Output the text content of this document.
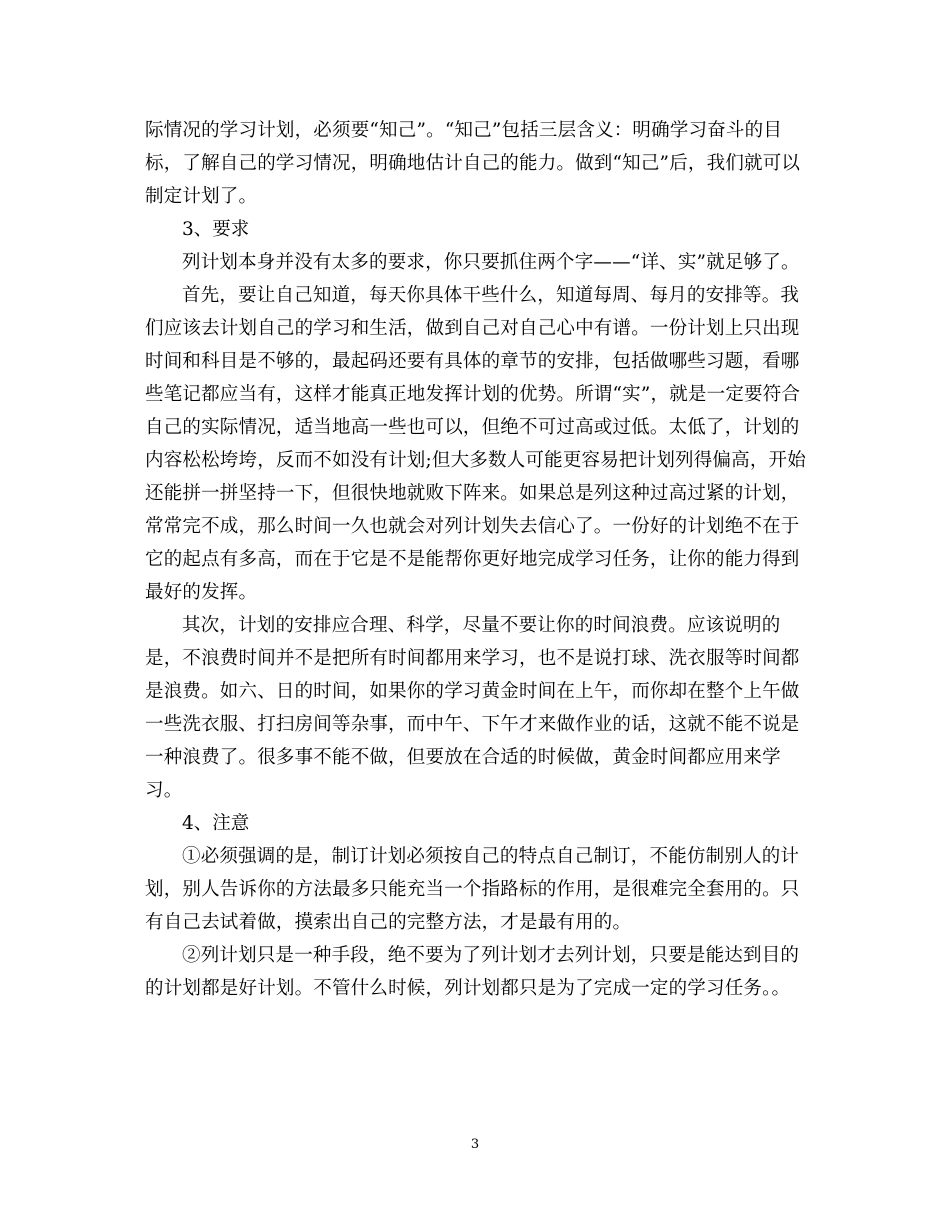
际情况的学习计划，必须要“知己”。“知己”包括三层含义：明确学习奋斗的目标，了解自己的学习情况，明确地估计自己的能力。做到“知己”后，我们就可以制定计划了。

3、要求

列计划本身并没有太多的要求，你只要抓住两个字——“详、实”就足够了。

首先，要让自己知道，每天你具体干些什么，知道每周、每月的安排等。我们应该去计划自己的学习和生活，做到自己对自己心中有谱。一份计划上只出现时间和科目是不够的，最起码还要有具体的章节的安排，包括做哪些习题，看哪些笔记都应当有，这样才能真正地发挥计划的优势。所谓“实”，就是一定要符合自己的实际情况，适当地高一些也可以，但绝不可过高或过低。太低了，计划的内容松松垮垮，反而不如没有计划;但大多数人可能更容易把计划列得偏高，开始还能拼一拼坚持一下，但很快地就败下阵来。如果总是列这种过高过紧的计划，常常完不成，那么时间一久也就会对列计划失去信心了。一份好的计划绝不在于它的起点有多高，而在于它是不是能帮你更好地完成学习任务，让你的能力得到最好的发挥。

其次，计划的安排应合理、科学，尽量不要让你的时间浪费。应该说明的是，不浪费时间并不是把所有时间都用来学习，也不是说打球、洗衣服等时间都是浪费。如六、日的时间，如果你的学习黄金时间在上午，而你却在整个上午做一些洗衣服、打扫房间等杂事，而中午、下午才来做作业的话，这就不能不说是一种浪费了。很多事不能不做，但要放在合适的时候做，黄金时间都应用来学习。

4、注意

①必须强调的是，制订计划必须按自己的特点自己制订，不能仿制别人的计划，别人告诉你的方法最多只能充当一个指路标的作用，是很难完全套用的。只有自己去试着做，摸索出自己的完整方法，才是最有用的。

②列计划只是一种手段，绝不要为了列计划才去列计划，只要是能达到目的的计划都是好计划。不管什么时候，列计划都只是为了完成一定的学习任务。。

3
